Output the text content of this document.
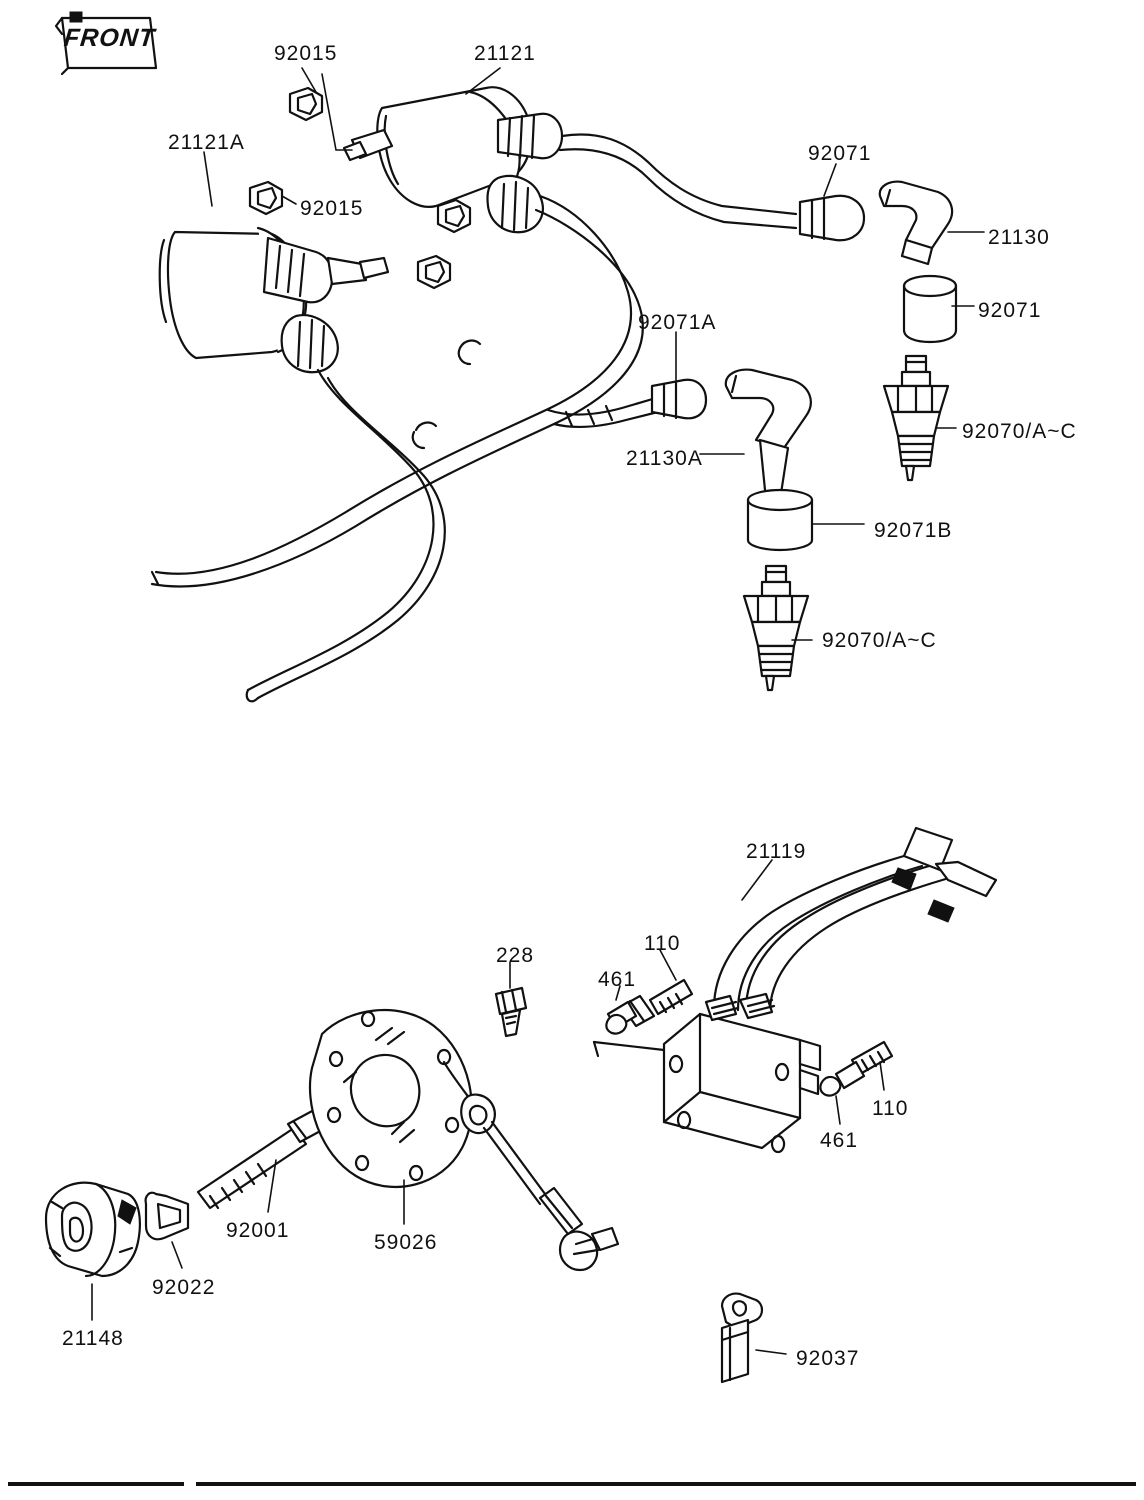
FRONT
92015	21121
21121A
92015
92071
21130
92071
92071A
21130A
92070/A~C
92071B
92070/A~C
21119
228
110
461
110
461
92001
59026
92022
21148
92037
